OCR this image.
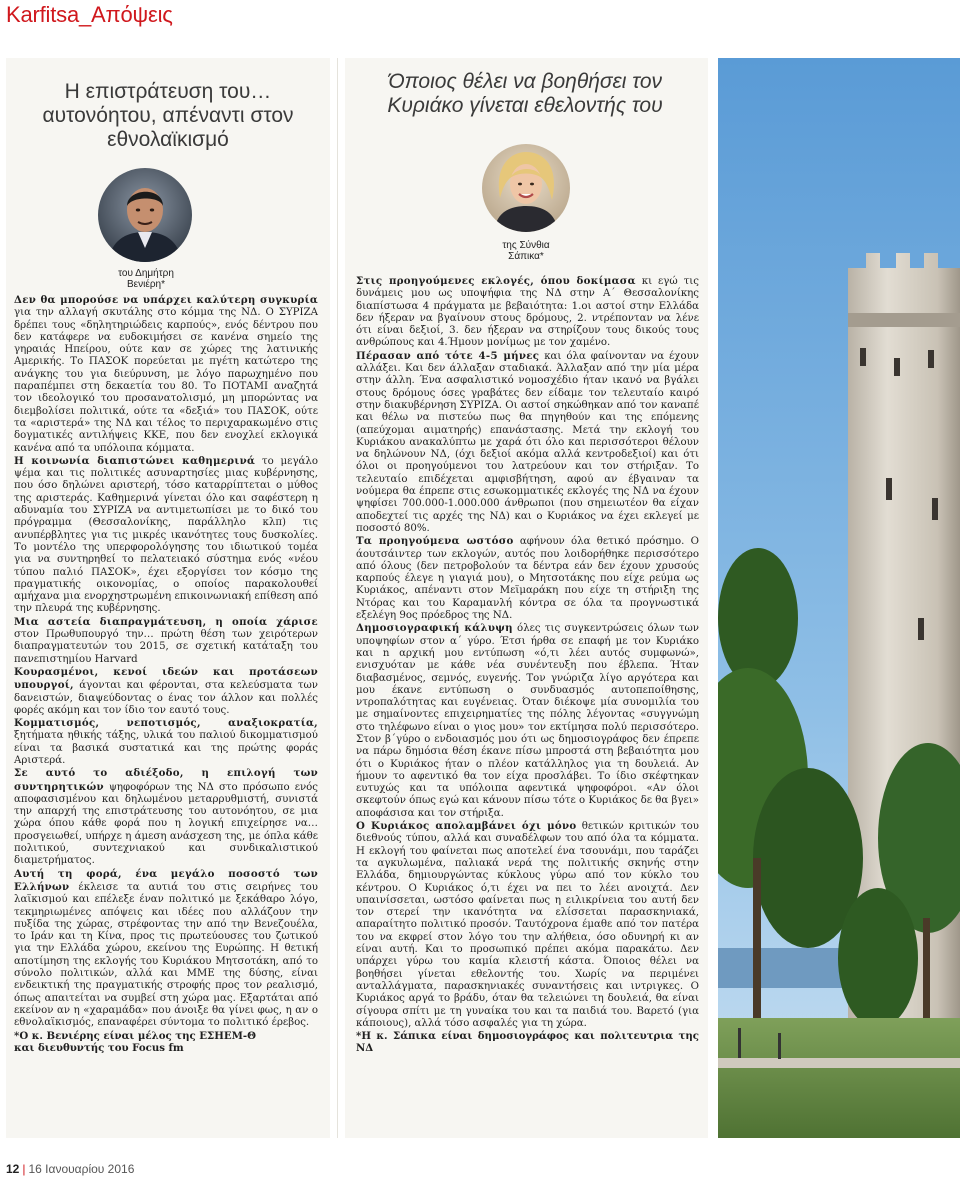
Karfitsa_Απόψεις
Η επιστράτευση του… αυτονόητου, απέναντι στον εθνολαϊκισμό
του Δημήτρη
Βενιέρη*

Δεν θα μπορούσε να υπάρχει καλύτερη συγκυρία για την αλλαγή σκυτάλης στο κόμμα της ΝΔ. Ο ΣΥΡΙΖΑ δρέπει τους «δηλητηριώδεις καρπούς», ενός δέντρου που δεν κατάφερε να ευδοκιμήσει σε κανένα σημείο της γηραιάς Ηπείρου, ούτε καν σε χώρες της λατινικής Αμερικής. Το ΠΑΣΟΚ πορεύεται με πγέτη κατώτερο της ανάγκης του για διεύρυνση, με λόγο παρωχημένο που παραπέμπει στη δεκαετία του 80. Το ΠΟΤΑΜΙ αναζητά τον ιδεολογικό του προσανατολισμό, μη μπορώντας να διεμβολίσει πολιτικά, ούτε τα «δεξιά» του ΠΑΣΟΚ, ούτε τα «αριστερά» της ΝΔ και τέλος το περιχαρακωμένο στις δογματικές αντιλήψεις ΚΚΕ, που δεν ενοχλεί εκλογικά κανένα από τα υπόλοιπα κόμματα.

Η κοινωνία διαπιστώνει καθημερινά το μεγάλο ψέμα και τις πολιτικές ασυναρτησίες μιας κυβέρνησης, που όσο δηλώνει αριστερή, τόσο καταρρίπτεται ο μύθος της αριστεράς. Καθημερινά γίνεται όλο και σαφέστερη η αδυναμία του ΣΥΡΙΖΑ να αντιμετωπίσει με το δικό του πρόγραμμα (Θεσσαλονίκης, παράλληλο κλπ) τις ανυπέρβλητες για τις μικρές ικανότητες τους δυσκολίες. Το μοντέλο της υπερφορολόγησης του ιδιωτικού τομέα για να συντηρηθεί το πελατειακό σύστημα ενός «νέου τύπου παλιό ΠΑΣΟΚ», έχει εξοργίσει τον κόσμο της πραγματικής οικονομίας, ο οποίος παρακολουθεί αμήχανα μια ενορχηστρωμένη επικοινωνιακή επίθεση από την πλευρά της κυβέρνησης.

Μια αστεία διαπραγμάτευση, η οποία χάρισε στον Πρωθυπουργό την… πρώτη θέση των χειρότερων διαπραγματευτών του 2015, σε σχετική κατάταξη του πανεπιστημίου Harvard

Κουρασμένοι, κενοί ιδεών και προτάσεων υπουργοί, άγονται και φέρονται, στα κελεύσματα των δανειστών, διαψεύδοντας ο ένας τον άλλον και πολλές φορές ακόμη και τον ίδιο τον εαυτό τους.

Κομματισμός, νεποτισμός, αναξιοκρατία, ξητήματα ηθικής τάξης, υλικά του παλιού δικομματισμού είναι τα βασικά συστατικά και της πρώτης φοράς Αριστερά.

Σε αυτό το αδιέξοδο, η επιλογή των συντηρητικών ψηφοφόρων της ΝΔ στο πρόσωπο ενός αποφασισμένου και δηλωμένου μεταρρυθμιστή, συνιστά την απαρχή της επιστράτευσης του αυτονόητου, σε μια χώρα όπου κάθε φορά που η λογική επιχείρησε να… προσγειωθεί, υπήρχε η άμεση ανάσχεση της, με όπλα κάθε πολιτικού, συντεχνιακού και συνδικαλιστικού διαμετρήματος.

Αυτή τη φορά, ένα μεγάλο ποσοστό των Ελλήνων έκλεισε τα αυτιά του στις σειρήνες του λαϊκισμού και επέλεξε έναν πολιτικό με ξεκάθαρο λόγο, τεκμηριωμένες απόψεις και ιδέες που αλλάζουν την πυξίδα της χώρας, στρέφοντας την από την Βενεζουέλα, το Ιράν και τη Κίνα, προς τις πρωτεύουσες του ζωτικού για την Ελλάδα χώρου, εκείνου της Ευρώπης. Η θετική αποτίμηση της εκλογής του Κυριάκου Μητσοτάκη, από το σύνολο πολιτικών, αλλά και ΜΜΕ της δύσης, είναι ενδεικτική της πραγματικής στροφής προς τον ρεαλισμό, όπως απαιτείται να συμβεί στη χώρα μας. Εξαρτάται από εκείνον αν η «χαραμάδα» που άνοιξε θα γίνει φως, η αν ο εθνολαϊκισμός, επαναφέρει σύντομα το πολιτικό έρεβος.

*Ο κ. Βενιέρης είναι μέλος της ΕΣΗΕΜ-Θ

και διευθυντής του Focus fm

Όποιος θέλει να βοηθήσει τον Κυριάκο γίνεται εθελοντής του
της Σύνθια
Σάπικα*

Στις προηγούμενες εκλογές, όπου δοκίμασα κι εγώ τις δυνάμεις μου ως υποψήφια της ΝΔ στην Α΄ Θεσσαλονίκης διαπίστωσα 4 πράγματα με βεβαιότητα: 1.οι αστοί στην Ελλάδα δεν ήξεραν να βγαίνουν στους δρόμους, 2. ντρέπονταν να λένε ότι είναι δεξιοί, 3. δεν ήξεραν να στηρίζουν τους δικούς τους ανθρώπους και 4.Ήμουν μονίμως με τον χαμένο.

Πέρασαν από τότε 4-5 μήνες και όλα φαίνονταν να έχουν αλλάξει. Και δεν άλλαξαν σταδιακά. Άλλαξαν από την μία μέρα στην άλλη. Ένα ασφαλιστικό νομοσχέδιο ήταν ικανό να βγάλει στους δρόμους όσες γραβάτες δεν είδαμε τον τελευταίο καιρό στην διακυβέρνηση ΣΥΡΙΖΑ. Οι αστοί σηκώθηκαν από τον καναπέ και θέλω να πιστεύω πως θα πηγηθούν και της επόμενης (απεύχομαι αιματηρής) επανάστασης. Μετά την εκλογή του Κυριάκου ανακαλύπτω με χαρά ότι όλο και περισσότεροι θέλουν να δηλώνουν ΝΔ, (όχι δεξιοί ακόμα αλλά κεντροδεξιοί) και ότι όλοι οι προηγούμενοι του λατρεύουν και τον στήριξαν. Το τελευταίο επιδέχεται αμφισβήτηση, αφού αν έβγαιναν τα νούμερα θα έπρεπε στις εσωκομματικές εκλογές της ΝΔ να έχουν ψηφίσει 700.000-1.000.000 άνθρωποι (που σημειωτέον θα είχαν αποδεχτεί τις αρχές της ΝΔ) και ο Κυριάκος να έχει εκλεγεί με ποσοστό 80%.

Τα προηγούμενα ωστόσο αφήνουν όλα θετικό πρόσημο. Ο άουτσάιντερ των εκλογών, αυτός που λοιδορήθηκε περισσότερο από όλους (δεν πετροβολούν τα δέντρα εάν δεν έχουν χρυσούς καρπούς έλεγε η γιαγιά μου), ο Μητσοτάκης που είχε ρεύμα ως Κυριάκος, απέναντι στον Μεϊμαράκη που είχε τη στήριξη της Ντόρας και του Καραμανλή κόντρα σε όλα τα προγνωστικά εξελέγη 9ος πρόεδρος της ΝΔ.

Δημοσιογραφική κάλυψη όλες τις συγκεντρώσεις όλων των υποψηφίων στον α΄ γύρο. Έτσι ήρθα σε επαφή με τον Κυριάκο και n αρχική μου εντύπωση «ό,τι λέει αυτός συμφωνώ», ενισχυόταν με κάθε νέα συνέντευξη που έβλεπα. Ήταν διαβασμένος, σεμνός, ευγενής. Τον γνώριζα λίγο αργότερα και μου έκανε εντύπωση ο συνδυασμός αυτοπεποίθησης, ντροπαλότητας και ευγένειας. Όταν διέκοψε μία συνομιλία του με σημαίνοντες επιχειρηματίες της πόλης λέγοντας «συγγνώμη στο τηλέφωνο είναι ο γιος μου» τον εκτίμησα πολύ περισσότερο. Στον β΄γύρο ο ενδοιασμός μου ότι ως δημοσιογράφος δεν έπρεπε να πάρω δημόσια θέση έκανε πίσω μπροστά στη βεβαιότητα μου ότι ο Κυριάκος ήταν ο πλέον κατάλληλος για τη δουλειά. Αν ήμουν το αφεντικό θα τον είχα προσλάβει. Το ίδιο σκέφτηκαν ευτυχώς και τα υπόλοιπα αφεντικά ψηφοφόροι. «Αν όλοι σκεφτούν όπως εγώ και κάνουν πίσω τότε ο Κυριάκος δε θα βγει» αποφάσισα και τον στήριξα.

Ο Κυριάκος απολαμβάνει όχι μόνο θετικών κριτικών του διεθνούς τύπου, αλλά και συναδέλφων του από όλα τα κόμματα. Η εκλογή του φαίνεται πως αποτελεί ένα τσουνάμι, που ταράζει τα αγκυλωμένα, παλιακά νερά της πολιτικής σκηνής στην Ελλάδα, δημιουργώντας κύκλους γύρω από τον κύκλο του κέντρου. Ο Κυριάκος ό,τι έχει να πει το λέει ανοιχτά. Δεν υπαινίσσεται, ωστόσο φαίνεται πως η ειλικρίνεια του αυτή δεν τον στερεί την ικανότητα να ελίσσεται παρασκηνιακά, απαραίτητο πολιτικό προσόν. Ταυτόχρονα έμαθε από τον πατέρα του να εκφρεί στον λόγο του την αλήθεια, όσο οδυνηρή κι αν είναι αυτή. Και το προσωπικό πρέπει ακόμα παρακάτω. Δεν υπάρχει γύρω του καμία κλειστή κάστα. Όποιος θέλει να βοηθήσει γίνεται εθελοντής του. Χωρίς να περιμένει ανταλλάγματα, παρασκηνιακές συναντήσεις και ιντριγκες. Ο Κυριάκος αργά το βράδυ, όταν θα τελειώνει τη δουλειά, θα είναι σίγουρα σπίτι με τη γυναίκα του και τα παιδιά του. Βαρετό (για κάποιους), αλλά τόσο ασφαλές για τη χώρα.

*Η κ. Σάπικα είναι δημοσιογράφος και πολιτευτρια της ΝΔ

12 | 16 Ιανουαρίου 2016
